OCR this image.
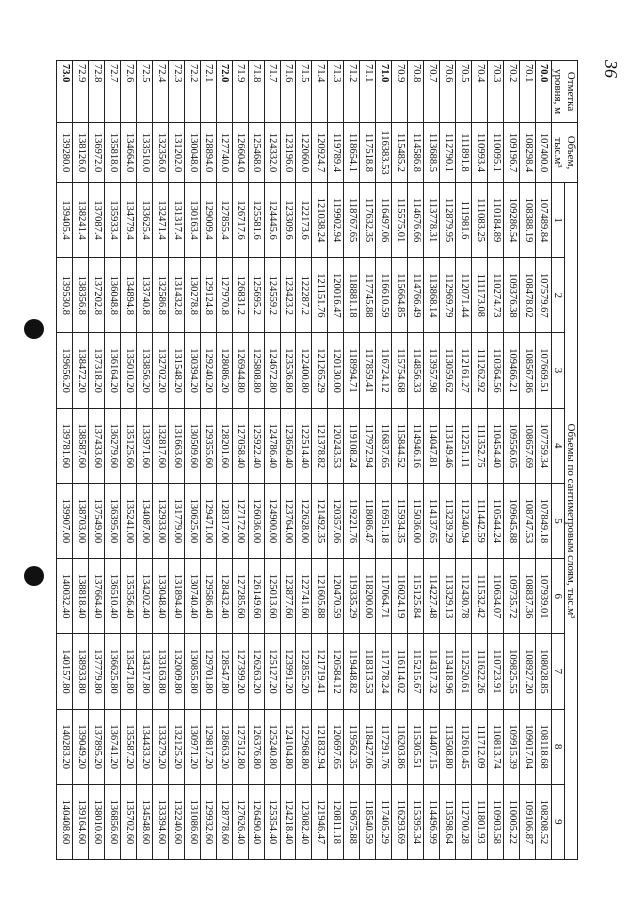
36
Отметка уровня, м	Объем, тыс.м³	Объемы по сантиметровым слоям, тыс.м³								
		1	2	3	4	5	6	7	8	9
70.0	107400.0	107489.84	107579.67	107669.51	107759.34	107849.18	107939.01	108028.85	108118.68	108208.52
70.1	108298.4	108388.19	108478.02	108567.86	108657.69	108747.53	108837.36	108927.20	109017.04	109106.87
70.2	109196.7	109286.54	109376.38	109466.21	109556.05	109645.88	109735.72	109825.55	109915.39	110005.22
70.3	110095.1	110184.89	110274.73	110364.56	110454.40	110544.24	110634.07	110723.91	110813.74	110903.58
70.4	110993.4	111083.25	111173.08	111262.92	111352.75	111442.59	111532.42	111622.26	111712.09	111801.93
70.5	111891.8	111981.6	112071.44	112161.27	112251.11	112340.94	112430.78	112520.61	112610.45	112700.28
70.6	112790.1	112879.95	112969.79	113059.62	113149.46	113239.29	113329.13	113418.96	113508.80	113598.64
70.7	113688.5	113778.31	113868.14	113957.98	114047.81	114137.65	114227.48	114317.32	114407.15	114496.99
70.8	114586.8	114676.66	114766.49	114856.33	114946.16	115036.00	115125.84	115215.67	115305.51	115395.34
70.9	115485.2	115575.01	115664.85	115754.68	115844.52	115934.35	116024.19	116114.02	116203.86	116293.69
71.0	116383.53	116497.06	116610.59	116724.12	116837.65	116951.18	117064.71	117178.24	117291.76	117405.29
71.1	117518.8	117632.35	117745.88	117859.41	117972.94	118086.47	118200.00	118313.53	118427.06	118540.59
71.2	118654.1	118767.65	118881.18	118994.71	119108.24	119221.76	119335.29	119448.82	119562.35	119675.88
71.3	119789.4	119902.94	120016.47	120130.00	120243.53	120357.06	120470.59	120584.12	120697.65	120811.18
71.4	120924.7	121038.24	121151.76	121265.29	121378.82	121492.35	121605.88	121719.41	121832.94	121946.47
71.5	122060.0	122173.6	122287.2	122400.80	122514.40	122628.00	122741.60	122855.20	122968.80	123082.40
71.6	123196.0	123309.6	123423.2	123536.80	123650.40	123764.00	123877.60	123991.20	124104.80	124218.40
71.7	124332.0	124445.6	124559.2	124672.80	124786.40	124900.00	125013.60	125127.20	125240.80	125354.40
71.8	125468.0	125581.6	125695.2	125808.80	125922.40	126036.00	126149.60	126263.20	126376.80	126490.40
71.9	126604.0	126717.6	126831.2	126944.80	127058.40	127172.00	127285.60	127399.20	127512.80	127626.40
72.0	127740.0	127855.4	127970.8	128086.20	128201.60	128317.00	128432.40	128547.80	128663.20	128778.60
72.1	128894.0	129009.4	129124.8	129240.20	129355.60	129471.00	129586.40	129701.80	129817.20	129932.60
72.2	130048.0	130163.4	130278.8	130394.20	130509.60	130625.00	130740.40	130855.80	130971.20	131086.60
72.3	131202.0	131317.4	131432.8	131548.20	131663.60	131779.00	131894.40	132009.80	132125.20	132240.60
72.4	132356.0	132471.4	132586.8	132702.20	132817.60	132933.00	133048.40	133163.80	133279.20	133394.60
72.5	133510.0	133625.4	133740.8	133856.20	133971.60	134087.00	134202.40	134317.80	134433.20	134548.60
72.6	134664.0	134779.4	134894.8	135010.20	135125.60	135241.00	135356.40	135471.80	135587.20	135702.60
72.7	135818.0	135933.4	136048.8	136164.20	136279.60	136395.00	136510.40	136625.80	136741.20	136856.60
72.8	136972.0	137087.4	137202.8	137318.20	137433.60	137549.00	137664.40	137779.80	137895.20	138010.60
72.9	138126.0	138241.4	138356.8	138472.20	138587.60	138703.00	138818.40	138933.80	139049.20	139164.60
73.0	139280.0	139405.4	139530.8	139656.20	139781.60	139907.00	140032.40	140157.80	140283.20	140408.60
